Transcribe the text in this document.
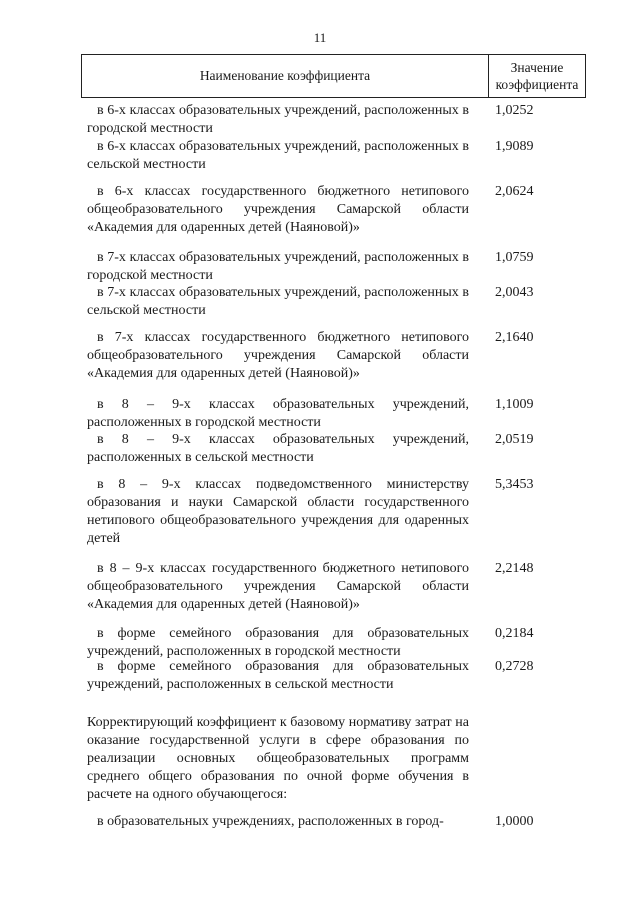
11
Наименование коэффициента
Значение
коэффициента
в 6-х классах образовательных учреждений, расположенных в городской местности
1,0252
в 6-х классах образовательных учреждений, расположенных в сельской местности
1,9089
в 6-х классах государственного бюджетного нетипового общеобразовательного учреждения Самарской области «Академия для одаренных детей (Наяновой)»
2,0624
в 7-х классах образовательных учреждений, расположенных в городской местности
1,0759
в 7-х классах образовательных учреждений, расположенных в сельской местности
2,0043
в 7-х классах государственного бюджетного нетипового общеобразовательного учреждения Самарской области «Академия для одаренных детей (Наяновой)»
2,1640
в 8 – 9-х классах образовательных учреждений, расположенных в городской местности
1,1009
в 8 – 9-х классах образовательных учреждений, расположенных в сельской местности
2,0519
в 8 – 9-х классах подведомственного министерству образования и науки Самарской области государственного нетипового общеобразовательного учреждения для одаренных детей
5,3453
в 8 – 9-х классах государственного бюджетного нетипового общеобразовательного учреждения Самарской области «Академия для одаренных детей (Наяновой)»
2,2148
в форме семейного образования для образовательных учреждений, расположенных в городской местности
0,2184
в форме семейного образования для образовательных учреждений, расположенных в сельской местности
0,2728
Корректирующий коэффициент к базовому нормативу затрат на оказание государственной услуги в сфере образования по реализации основных общеобразовательных программ среднего общего образования по очной форме обучения в расчете на одного обучающегося:
в образовательных учреждениях, расположенных в город-	1,0000
